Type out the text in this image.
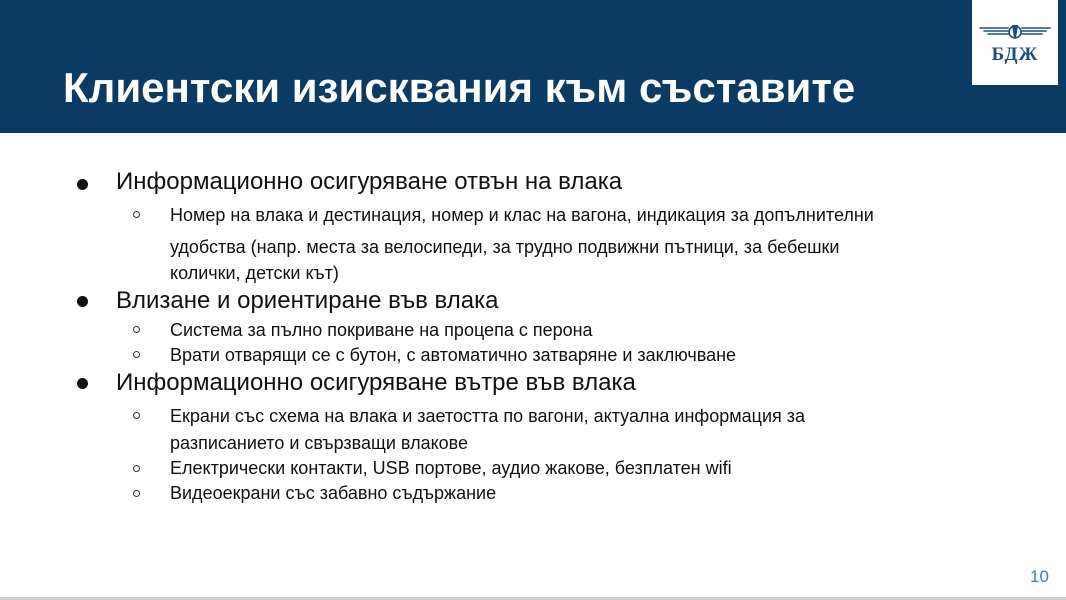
Клиентски изисквания към съставите
БДЖ
Информационно осигуряване отвън на влака
Номер на влака и дестинация, номер и клас на вагона, индикация за допълнителни
удобства (напр. места за велосипеди, за трудно подвижни пътници, за бебешки
колички, детски кът)
Влизане и ориентиране във влака
Система за пълно покриване на процепа с перона
Врати отварящи се с бутон, с автоматично затваряне и заключване
Информационно осигуряване вътре във влака
Екрани със схема на влака и заетостта по вагони, актуална информация за
разписанието и свързващи влакове
Електрически контакти, USB портове, аудио жакове, безплатен wifi
Видеоекрани със забавно съдържание
10
